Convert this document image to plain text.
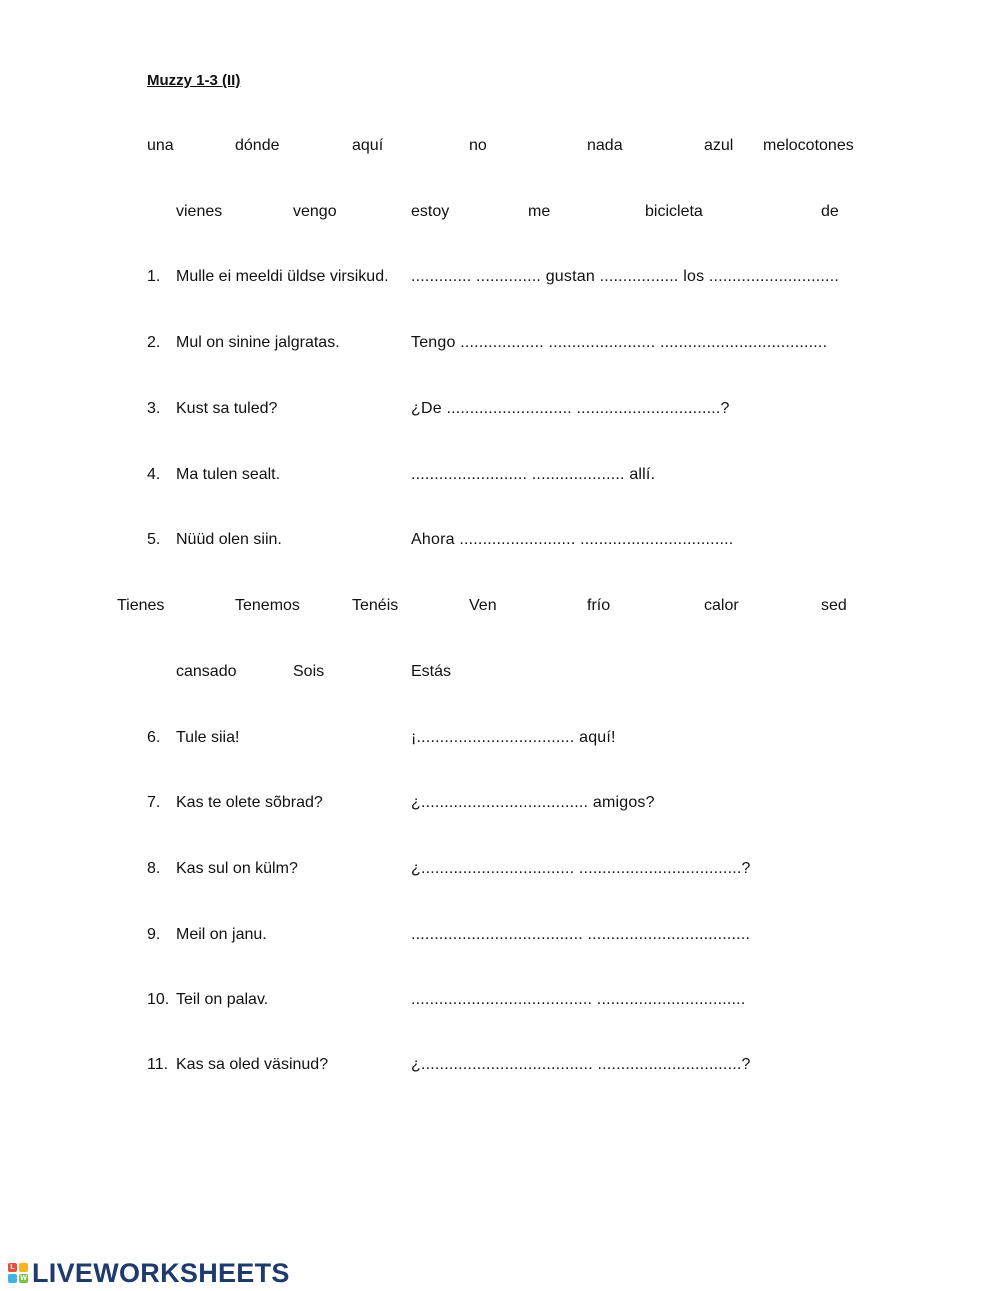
Muzzy 1-3 (II)
una	dónde	aquí	no	nada	azul melocotones
vienes	vengo	estoy	me	bicicleta	de
1. Mulle ei meeldi üldse virsikud. ............. .............. gustan ................. los ............................
2. Mul on sinine jalgratas.	Tengo .................. ....................... ....................................
3. Kust sa tuled?	¿De ........................... ...............................?
4. Ma tulen sealt.	......................... .................... allí.
5. Nüüd olen siin.	Ahora ......................... .................................
Tienes	Tenemos	Tenéis	Ven	frío	calor	sed
cansado	Sois	Estás
6. Tule siia!	¡.................................. aquí!
7. Kas te olete sõbrad?	¿.................................... amigos?
8. Kas sul on külm?	¿................................. ...................................?
9. Meil on janu.	..................................... ...................................
10. Teil on palav.	....................................... ................................
11. Kas sa oled väsinud?	¿..................................... ...............................?
L
W LIVEWORKSHEETS
